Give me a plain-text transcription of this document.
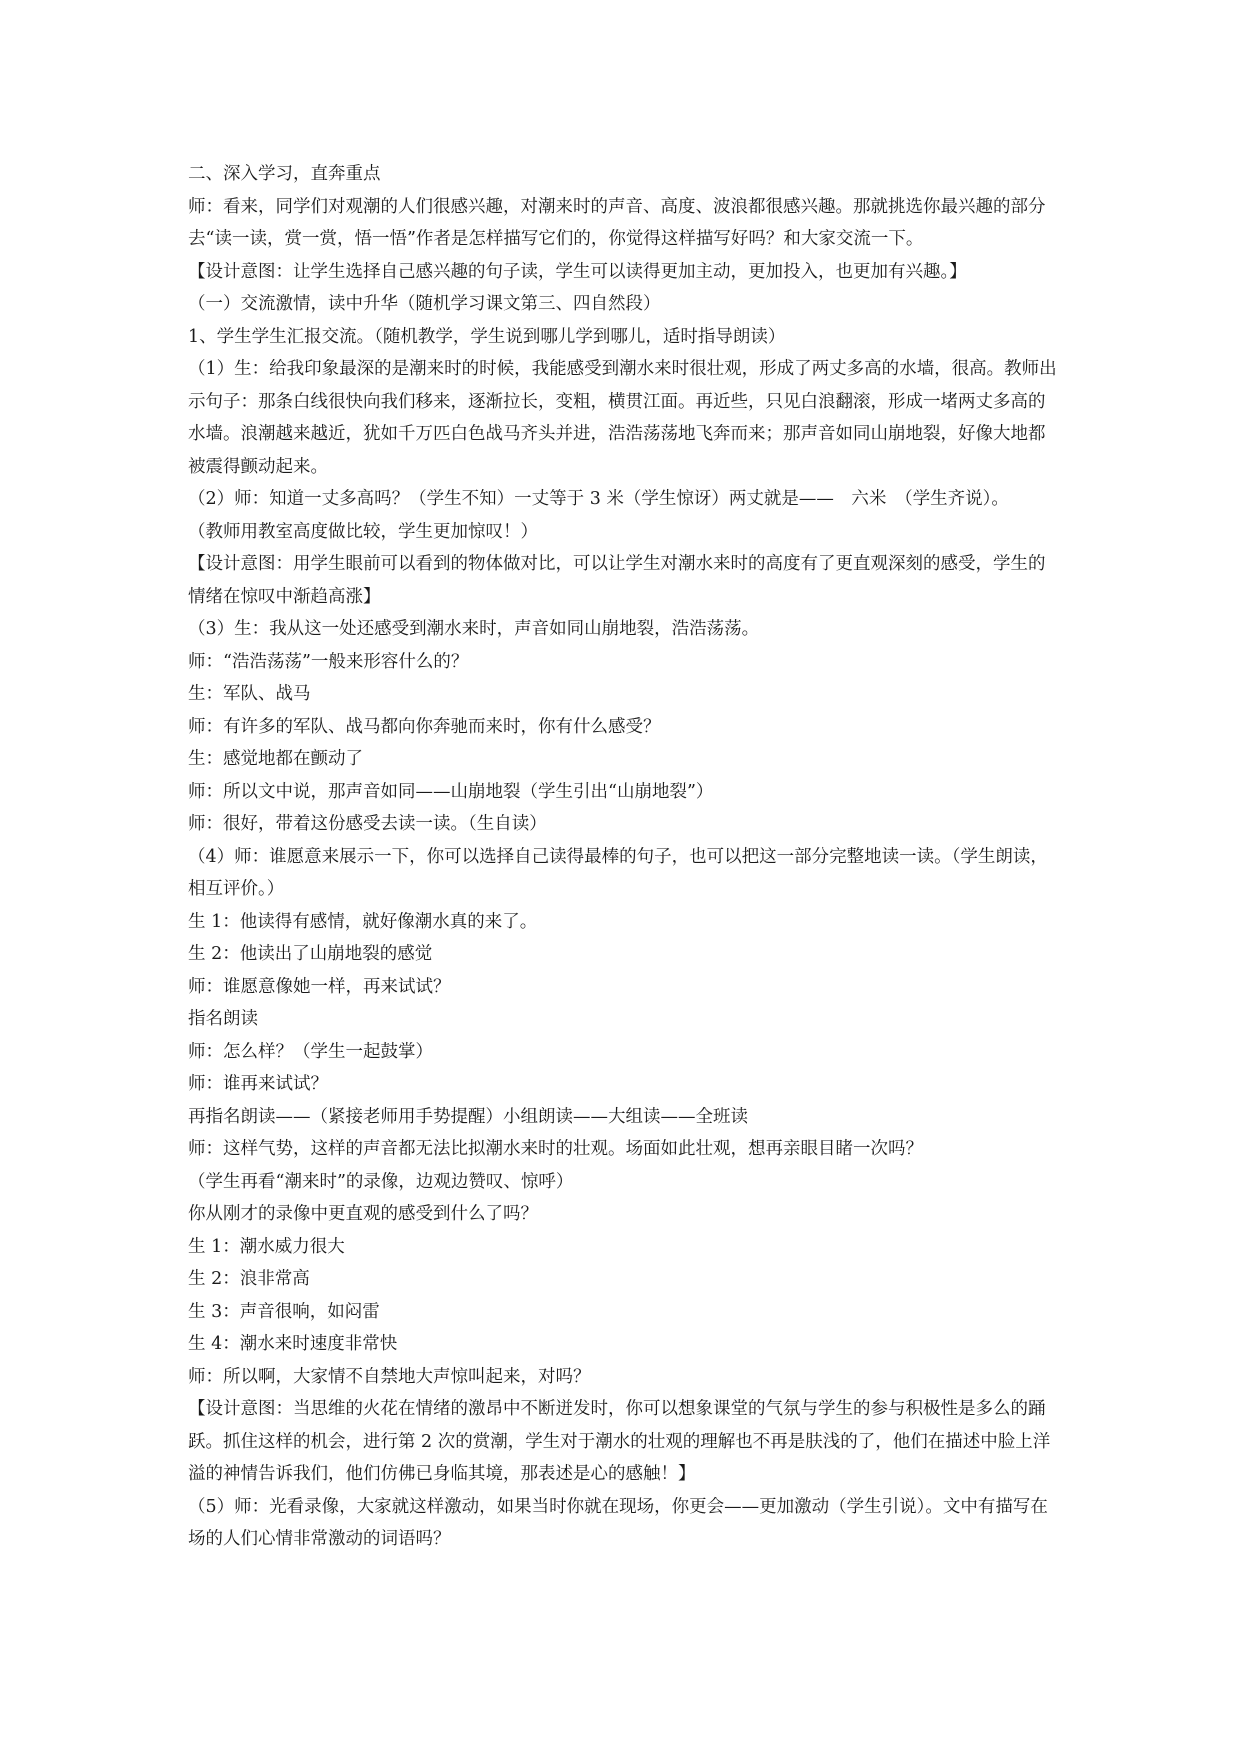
二、深入学习，直奔重点

师：看来，同学们对观潮的人们很感兴趣，对潮来时的声音、高度、波浪都很感兴趣。那就挑选你最兴趣的部分去“读一读，赏一赏，悟一悟”作者是怎样描写它们的，你觉得这样描写好吗？和大家交流一下。

【设计意图：让学生选择自己感兴趣的句子读，学生可以读得更加主动，更加投入，也更加有兴趣。】

（一）交流激情，读中升华（随机学习课文第三、四自然段）

1、学生学生汇报交流。（随机教学，学生说到哪儿学到哪儿，适时指导朗读）

（1）生：给我印象最深的是潮来时的时候，我能感受到潮水来时很壮观，形成了两丈多高的水墙，很高。教师出示句子：那条白线很快向我们移来，逐渐拉长，变粗，横贯江面。再近些，只见白浪翻滚，形成一堵两丈多高的水墙。浪潮越来越近，犹如千万匹白色战马齐头并进，浩浩荡荡地飞奔而来；那声音如同山崩地裂，好像大地都被震得颤动起来。

（2）师：知道一丈多高吗？（学生不知）一丈等于 3 米（学生惊讶）两丈就是——　六米　（学生齐说）。

（教师用教室高度做比较，学生更加惊叹！）

【设计意图：用学生眼前可以看到的物体做对比，可以让学生对潮水来时的高度有了更直观深刻的感受，学生的情绪在惊叹中渐趋高涨】

（3）生：我从这一处还感受到潮水来时，声音如同山崩地裂，浩浩荡荡。

师：“浩浩荡荡”一般来形容什么的？

生：军队、战马

师：有许多的军队、战马都向你奔驰而来时，你有什么感受？

生：感觉地都在颤动了

师：所以文中说，那声音如同——山崩地裂（学生引出“山崩地裂”）

师：很好，带着这份感受去读一读。（生自读）

（4）师：谁愿意来展示一下，你可以选择自己读得最棒的句子，也可以把这一部分完整地读一读。（学生朗读，相互评价。）

生 1：他读得有感情，就好像潮水真的来了。

生 2：他读出了山崩地裂的感觉

师：谁愿意像她一样，再来试试？

指名朗读

师：怎么样？（学生一起鼓掌）

师：谁再来试试？

再指名朗读——（紧接老师用手势提醒）小组朗读——大组读——全班读

师：这样气势，这样的声音都无法比拟潮水来时的壮观。场面如此壮观，想再亲眼目睹一次吗？

（学生再看“潮来时”的录像，边观边赞叹、惊呼）

你从刚才的录像中更直观的感受到什么了吗？

生 1：潮水威力很大

生 2：浪非常高

生 3：声音很响，如闷雷

生 4：潮水来时速度非常快

师：所以啊，大家情不自禁地大声惊叫起来，对吗？

【设计意图：当思维的火花在情绪的激昂中不断迸发时，你可以想象课堂的气氛与学生的参与积极性是多么的踊跃。抓住这样的机会，进行第 2 次的赏潮，学生对于潮水的壮观的理解也不再是肤浅的了，他们在描述中脸上洋溢的神情告诉我们，他们仿佛已身临其境，那表述是心的感触！】

（5）师：光看录像，大家就这样激动，如果当时你就在现场，你更会——更加激动（学生引说）。文中有描写在场的人们心情非常激动的词语吗？
